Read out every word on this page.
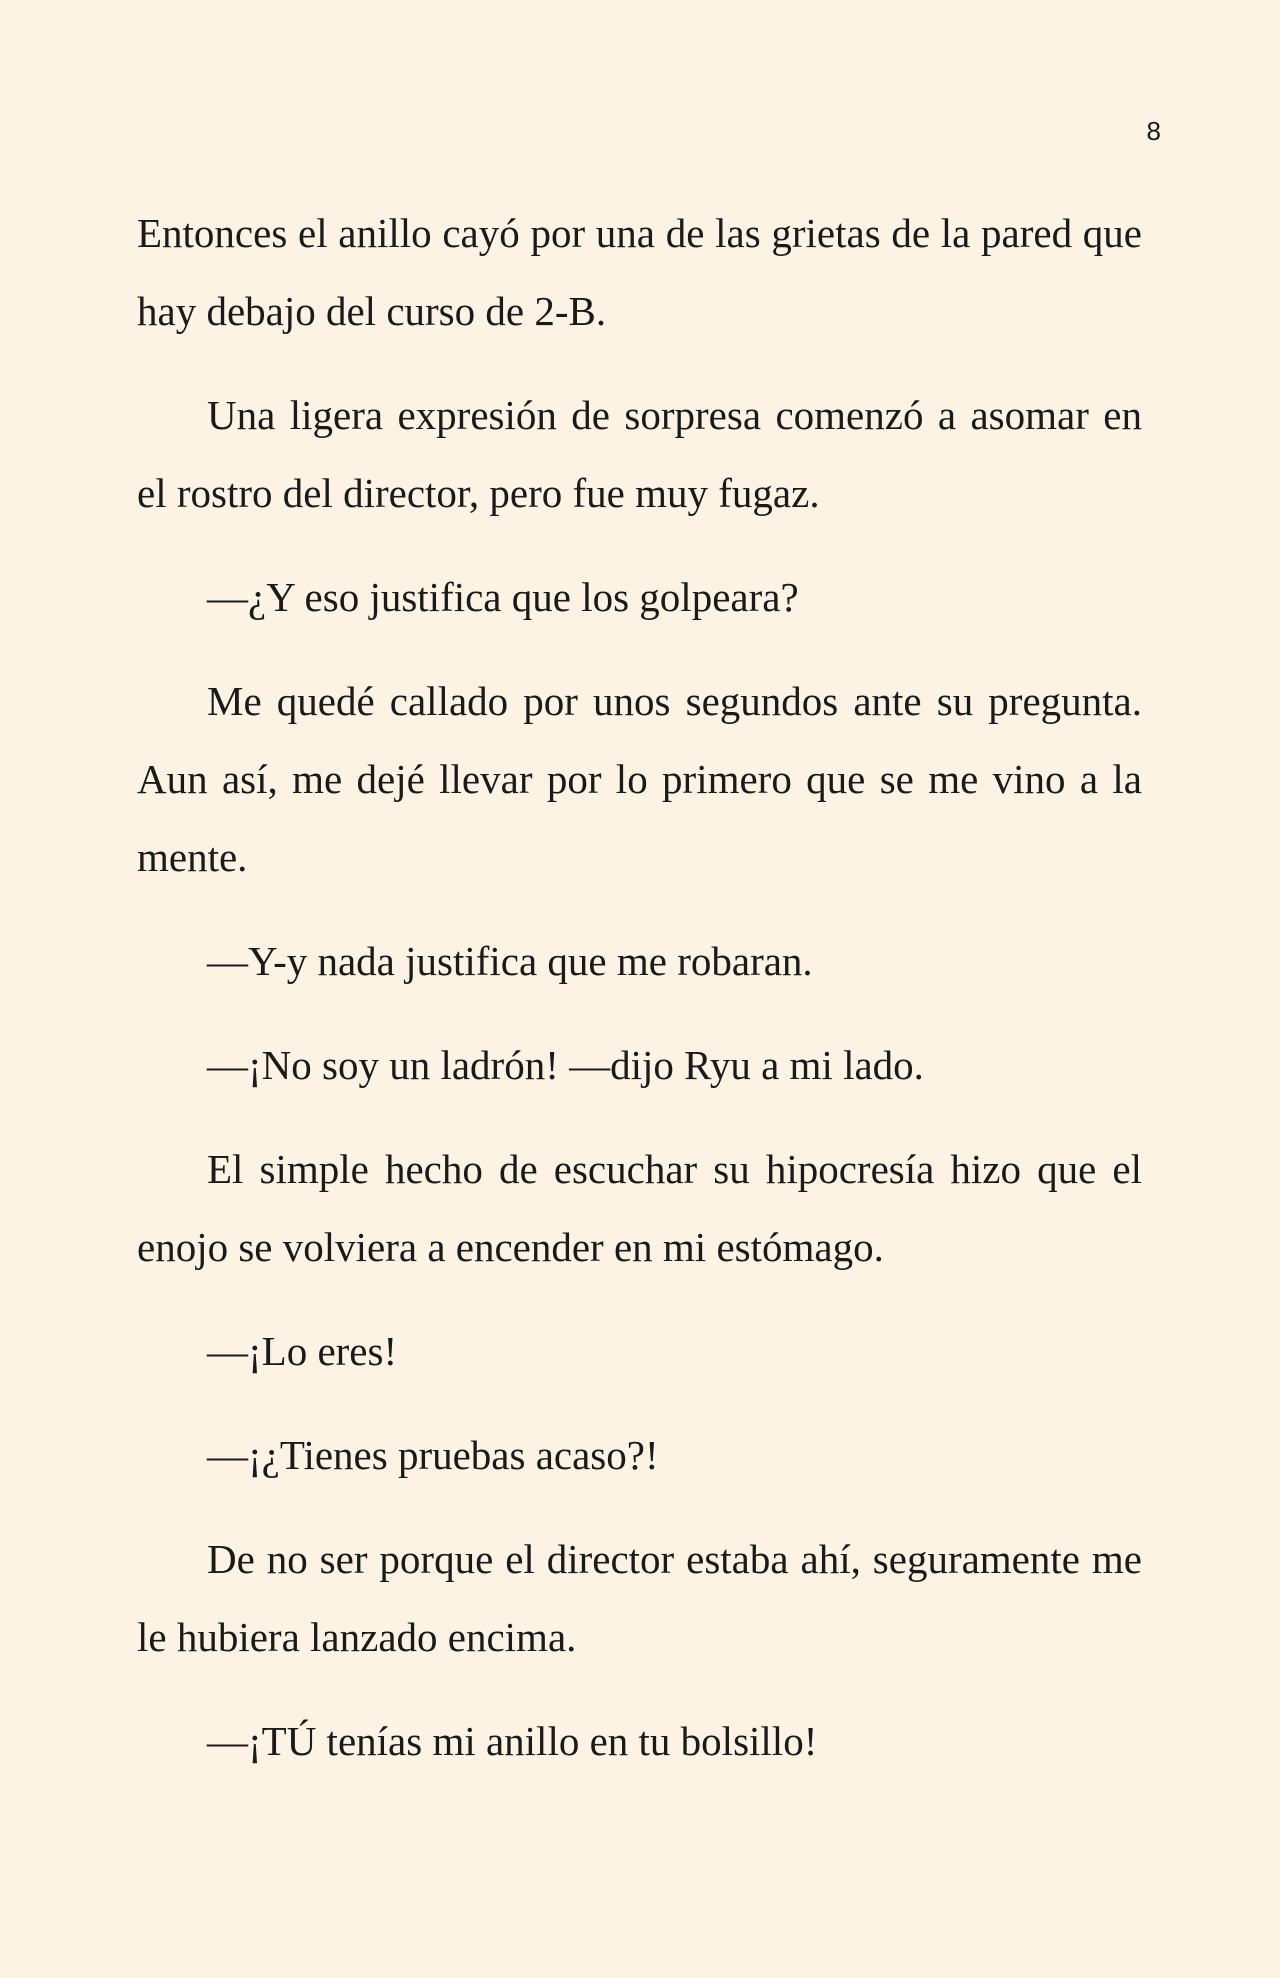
8

Entonces el anillo cayó por una de las grietas de la pared que hay debajo del curso de 2-B.

Una ligera expresión de sorpresa comenzó a asomar en el rostro del director, pero fue muy fugaz.

—¿Y eso justifica que los golpeara?

Me quedé callado por unos segundos ante su pregunta. Aun así, me dejé llevar por lo primero que se me vino a la mente.

—Y-y nada justifica que me robaran.

—¡No soy un ladrón! —dijo Ryu a mi lado.

El simple hecho de escuchar su hipocresía hizo que el enojo se volviera a encender en mi estómago.

—¡Lo eres!

—¡¿Tienes pruebas acaso?!

De no ser porque el director estaba ahí, seguramente me le hubiera lanzado encima.

—¡TÚ tenías mi anillo en tu bolsillo!
